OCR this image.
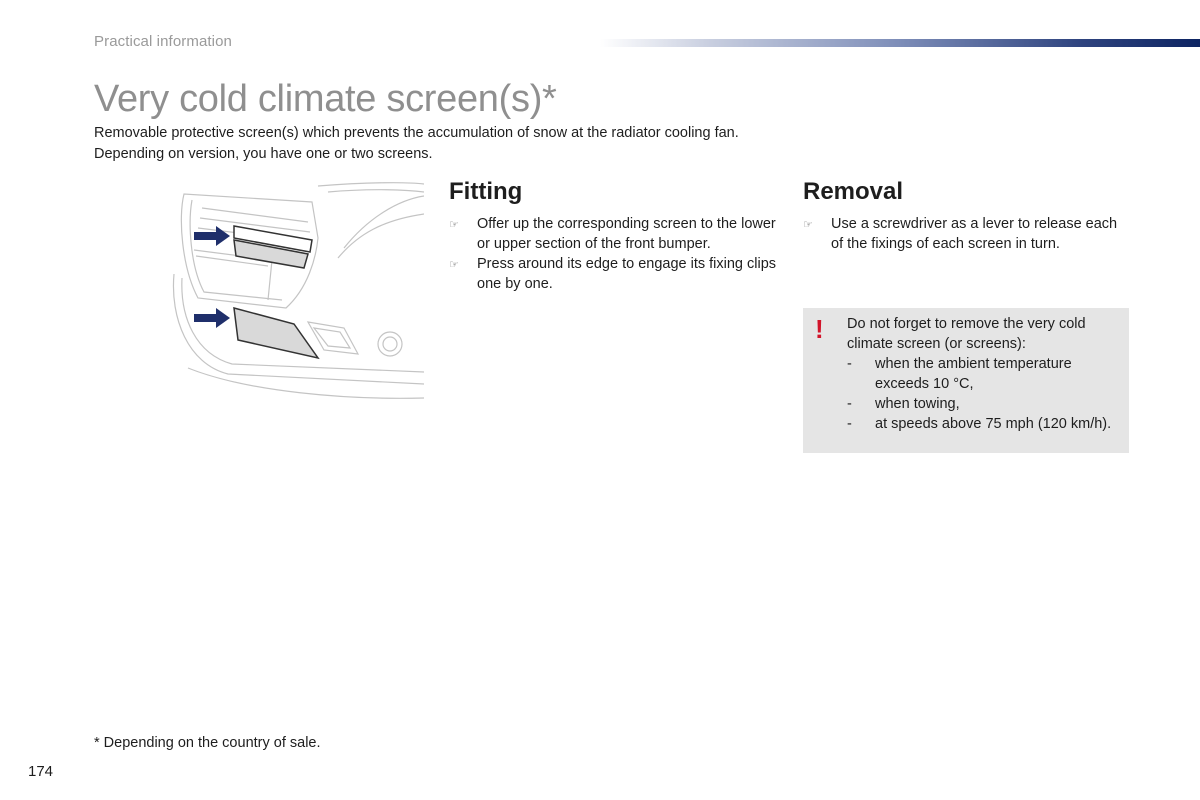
Practical information
Very cold climate screen(s)*

Removable protective screen(s) which prevents the accumulation of snow at the radiator cooling fan.

Depending on version, you have one or two screens.

Fitting
☞ Offer up the corresponding screen to the lower or upper section of the front bumper.
☞ Press around its edge to engage its fixing clips one by one.
Removal
☞ Use a screwdriver as a lever to release each of the fixings of each screen in turn.
! Do not forget to remove the very cold climate screen (or screens):

- when the ambient temperature exceeds 10 °C,
- when towing,
- at speeds above 75 mph (120 km/h).
* Depending on the country of sale.
174
